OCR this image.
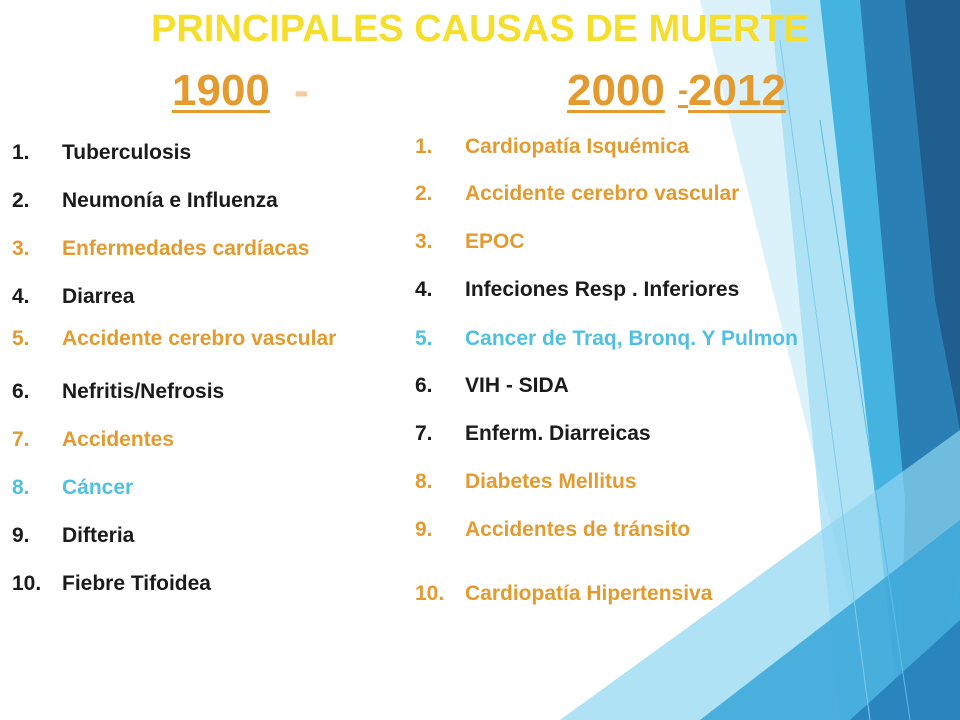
PRINCIPALES CAUSAS DE MUERTE
1900 -	2000 - 2012
1. Tuberculosis
2. Neumonía e Influenza
3. Enfermedades cardíacas
4. Diarrea
5. Accidente cerebro vascular
6. Nefritis/Nefrosis
7. Accidentes
8. Cáncer
9. Difteria
10. Fiebre Tifoidea
1. Cardiopatía Isquémica
2. Accidente cerebro vascular
3. EPOC
4. Infeciones Resp . Inferiores
5. Cancer de Traq, Bronq. Y Pulmon
6. VIH - SIDA
7. Enferm. Diarreicas
8. Diabetes Mellitus
9. Accidentes de tránsito
10. Cardiopatía Hipertensiva
